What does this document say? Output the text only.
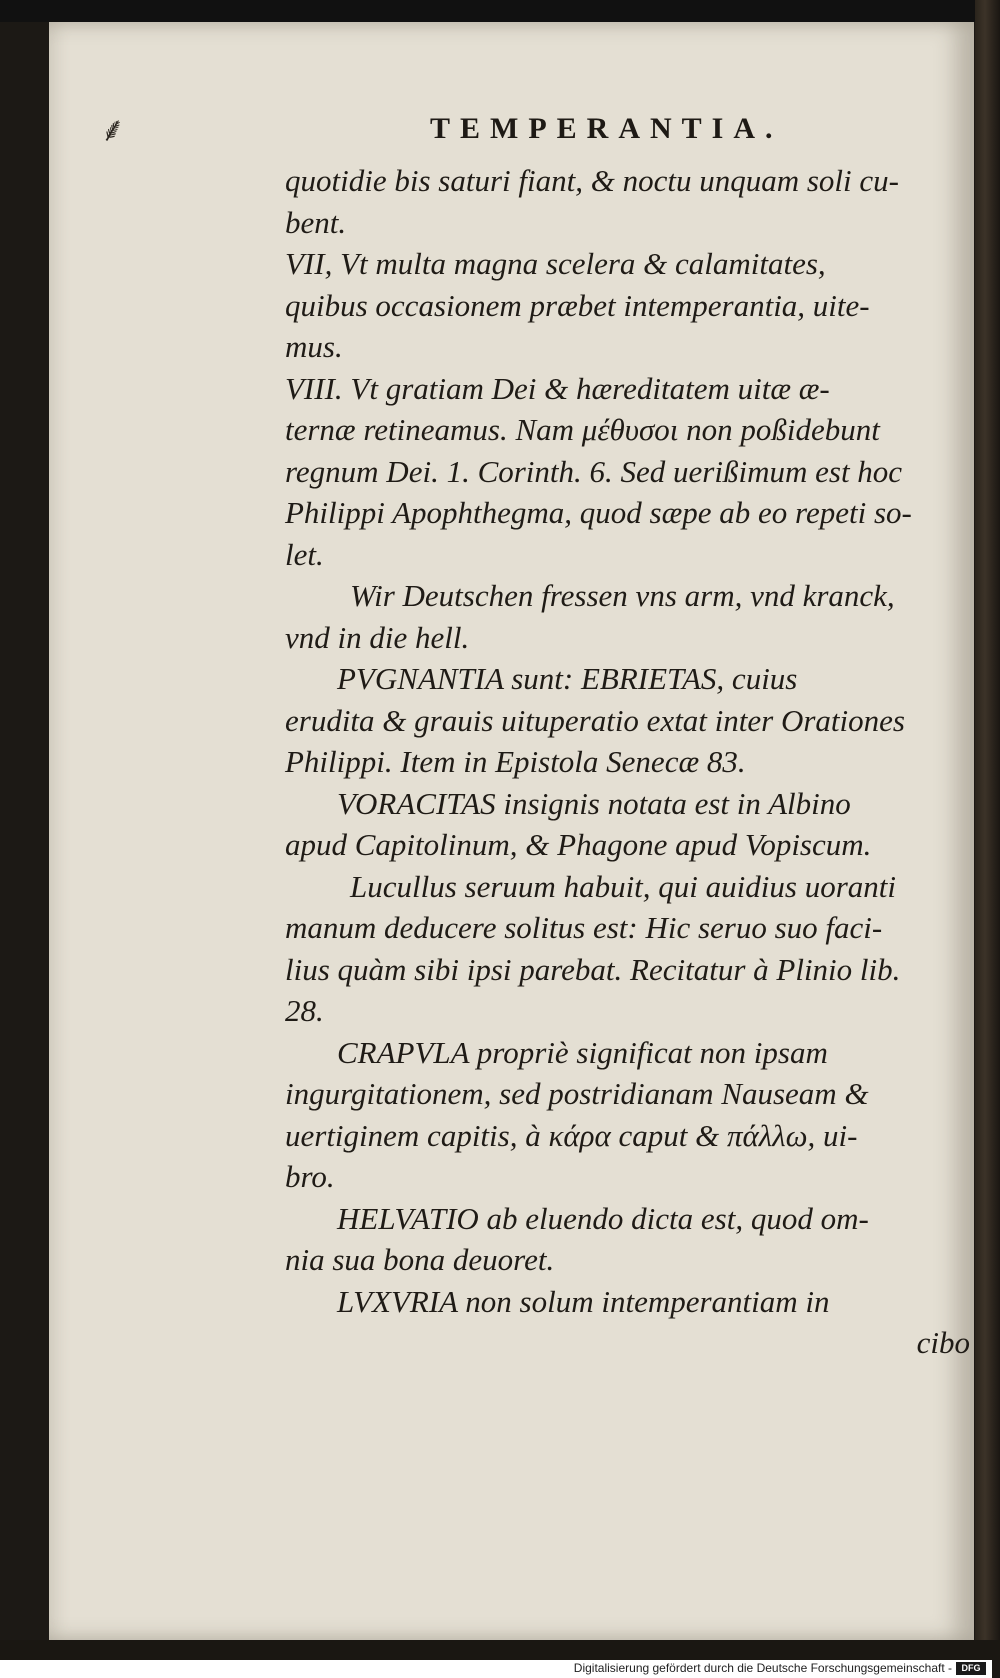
⸙	TEMPERANTIA.

quotidie bis saturi fiant, & noctu unquam soli cu-

bent.

VII, Vt multa magna scelera & calamitates,

quibus occasionem præbet intemperantia, uite-

mus.

VIII. Vt gratiam Dei & hæreditatem uitæ æ-

ternæ retineamus. Nam μέθυσοι non poßidebunt

regnum Dei. 1. Corinth. 6. Sed uerißimum est hoc

Philippi Apophthegma, quod sæpe ab eo repeti so-

let.

Wir Deutschen fressen vns arm, vnd kranck,

vnd in die hell.

PVGNANTIA sunt: EBRIETAS, cuius

erudita & grauis uituperatio extat inter Orationes

Philippi. Item in Epistola Senecæ 83.

VORACITAS insignis notata est in Albino

apud Capitolinum, & Phagone apud Vopiscum.

Lucullus seruum habuit, qui auidius uoranti

manum deducere solitus est: Hic seruo suo faci-

lius quàm sibi ipsi parebat. Recitatur à Plinio lib.

28.

CRAPVLA propriè significat non ipsam

ingurgitationem, sed postridianam Nauseam &

uertiginem capitis, à κάρα caput & πάλλω, ui-

bro.

HELVATIO ab eluendo dicta est, quod om-

nia sua bona deuoret.

LVXVRIA non solum intemperantiam in

cibo

Digitalisierung gefördert durch die Deutsche Forschungsgemeinschaft -	DFG
